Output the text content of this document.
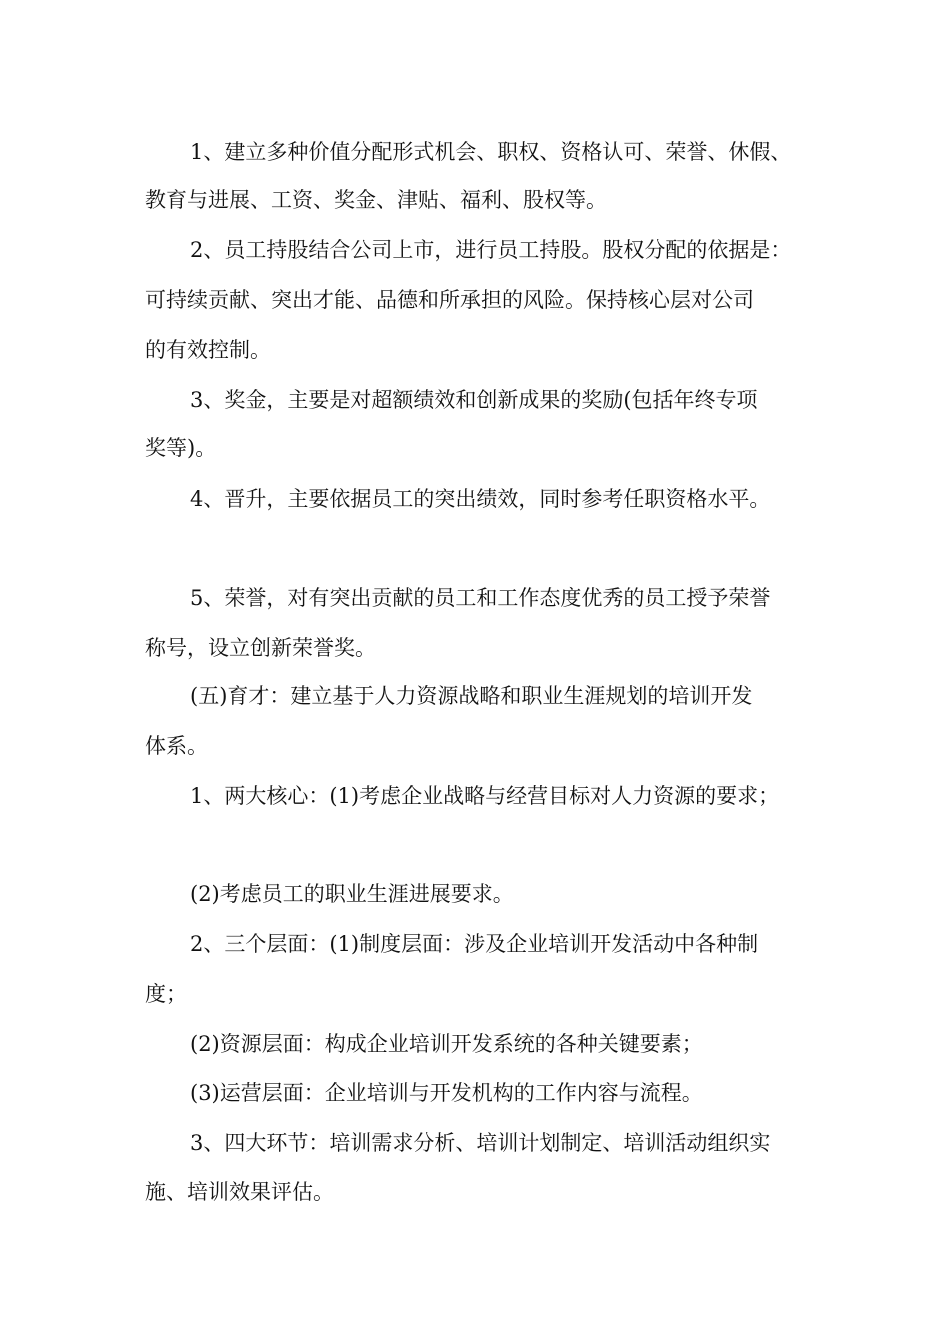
1、建立多种价值分配形式机会、职权、资格认可、荣誉、休假、
教育与进展、工资、奖金、津贴、福利、股权等。
2、员工持股结合公司上市，进行员工持股。股权分配的依据是：
可持续贡献、突出才能、品德和所承担的风险。保持核心层对公司
的有效控制。
3、奖金，主要是对超额绩效和创新成果的奖励(包括年终专项
奖等)。
4、晋升，主要依据员工的突出绩效，同时参考任职资格水平。
5、荣誉，对有突出贡献的员工和工作态度优秀的员工授予荣誉
称号，设立创新荣誉奖。
(五)育才：建立基于人力资源战略和职业生涯规划的培训开发
体系。
1、两大核心：(1)考虑企业战略与经营目标对人力资源的要求；
(2)考虑员工的职业生涯进展要求。
2、三个层面：(1)制度层面：涉及企业培训开发活动中各种制
度；
(2)资源层面：构成企业培训开发系统的各种关键要素；
(3)运营层面：企业培训与开发机构的工作内容与流程。
3、四大环节：培训需求分析、培训计划制定、培训活动组织实
施、培训效果评估。
